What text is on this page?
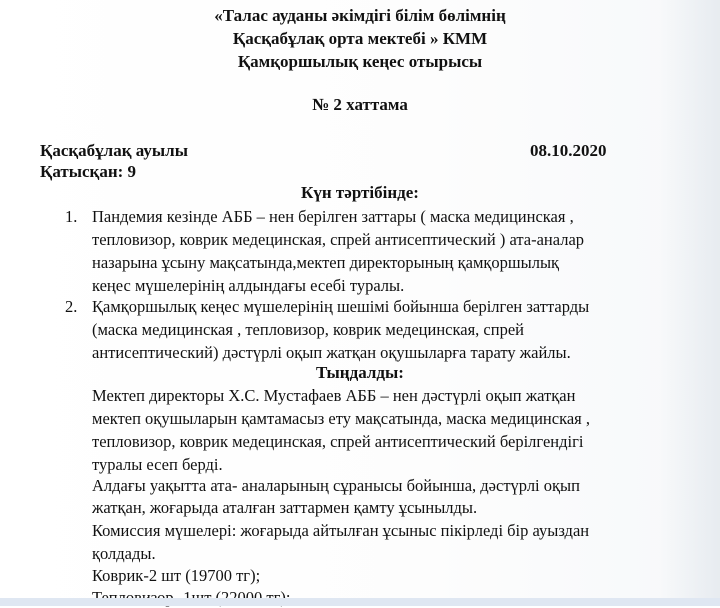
«Талас ауданы әкімдігі білім бөлімнің
Қасқабұлақ орта мектебі » КММ
Қамқоршылық кеңес отырысы
№ 2 хаттама
Қасқабұлақ ауылы	08.10.2020
Қатысқан: 9
Күн тәртібінде:
1. Пандемия кезінде АББ – нен берілген заттары ( маска медицинская ,
тепловизор, коврик медецинская, спрей антисептический ) ата-аналар
назарына ұсыну мақсатында,мектеп директорының қамқоршылық
кеңес мүшелерінің алдындағы есебі туралы.
2. Қамқоршылық кеңес мүшелерінің шешімі бойынша берілген заттарды
(маска медицинская , тепловизор, коврик медецинская, спрей
антисептический) дәстүрлі оқып жатқан оқушыларға тарату жайлы.
Тыңдалды:
Мектеп директоры Х.С. Мустафаев АББ – нен дәстүрлі оқып жатқан
мектеп оқушыларын қамтамасыз ету мақсатында, маска медицинская ,
тепловизор, коврик медецинская, спрей антисептический берілгендігі
туралы есеп берді.
Алдағы уақытта ата- аналарының сұранысы бойынша, дәстүрлі оқып
жатқан, жоғарыда аталған заттармен қамту ұсынылды.
Комиссия мүшелері: жоғарыда айтылған ұсыныс пікірледі бір ауыздан
қолдады.
Коврик-2 шт (19700 тг);
